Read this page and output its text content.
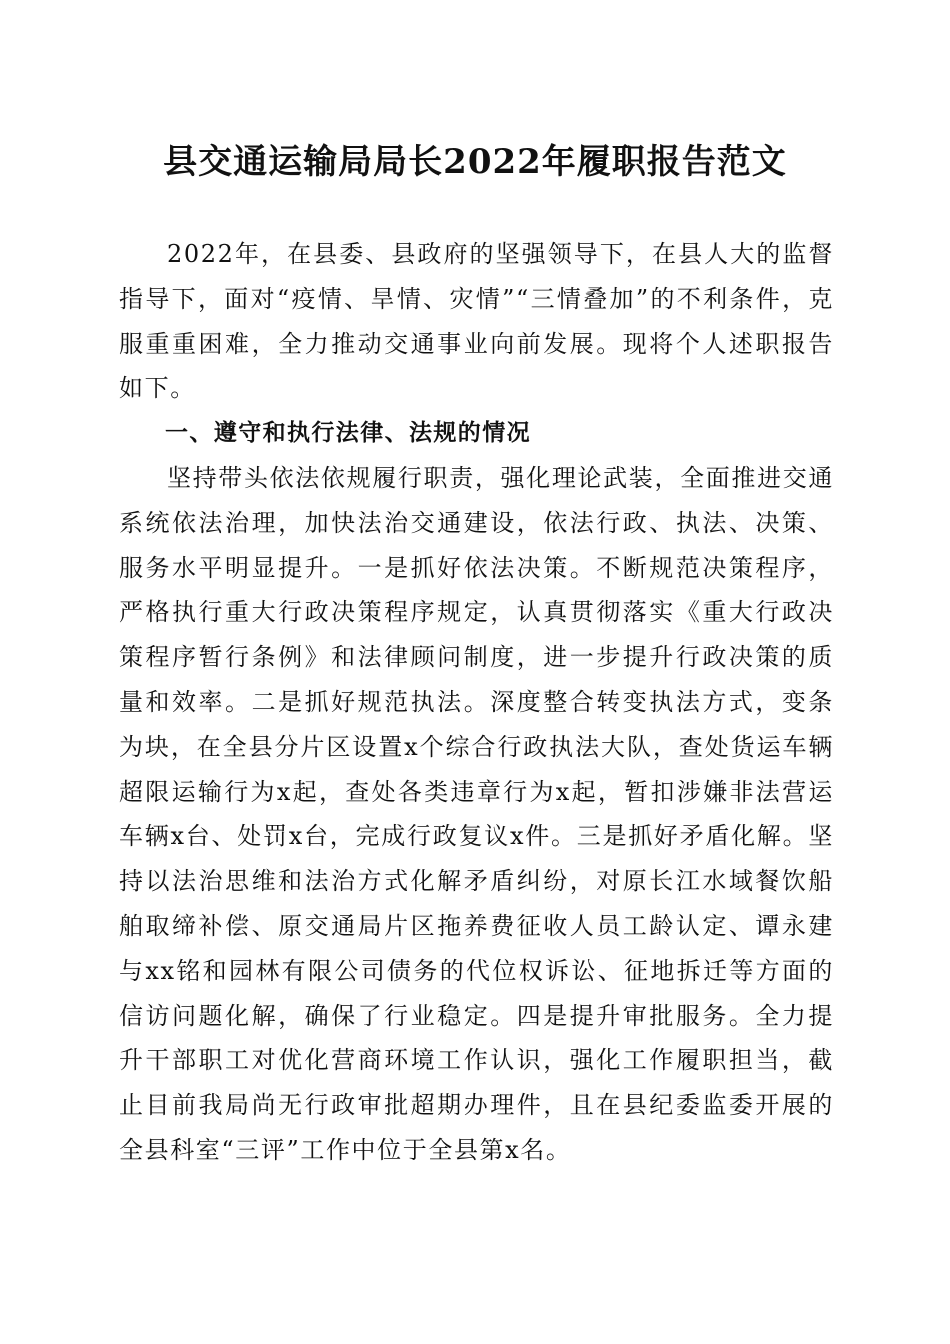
县交通运输局局长2022年履职报告范文

2022年，在县委、县政府的坚强领导下，在县人大的监督指导下，面对“疫情、旱情、灾情”“三情叠加”的不利条件，克服重重困难，全力推动交通事业向前发展。现将个人述职报告如下。

一、遵守和执行法律、法规的情况

坚持带头依法依规履行职责，强化理论武装，全面推进交通系统依法治理，加快法治交通建设，依法行政、执法、决策、服务水平明显提升。一是抓好依法决策。不断规范决策程序，严格执行重大行政决策程序规定，认真贯彻落实《重大行政决策程序暂行条例》和法律顾问制度，进一步提升行政决策的质量和效率。二是抓好规范执法。深度整合转变执法方式，变条为块，在全县分片区设置x个综合行政执法大队，查处货运车辆超限运输行为x起，查处各类违章行为x起，暂扣涉嫌非法营运车辆x台、处罚x台，完成行政复议x件。三是抓好矛盾化解。坚持以法治思维和法治方式化解矛盾纠纷，对原长江水域餐饮船舶取缔补偿、原交通局片区拖养费征收人员工龄认定、谭永建与xx铭和园林有限公司债务的代位权诉讼、征地拆迁等方面的信访问题化解，确保了行业稳定。四是提升审批服务。全力提升干部职工对优化营商环境工作认识，强化工作履职担当，截止目前我局尚无行政审批超期办理件，且在县纪委监委开展的全县科室“三评”工作中位于全县第x名。
